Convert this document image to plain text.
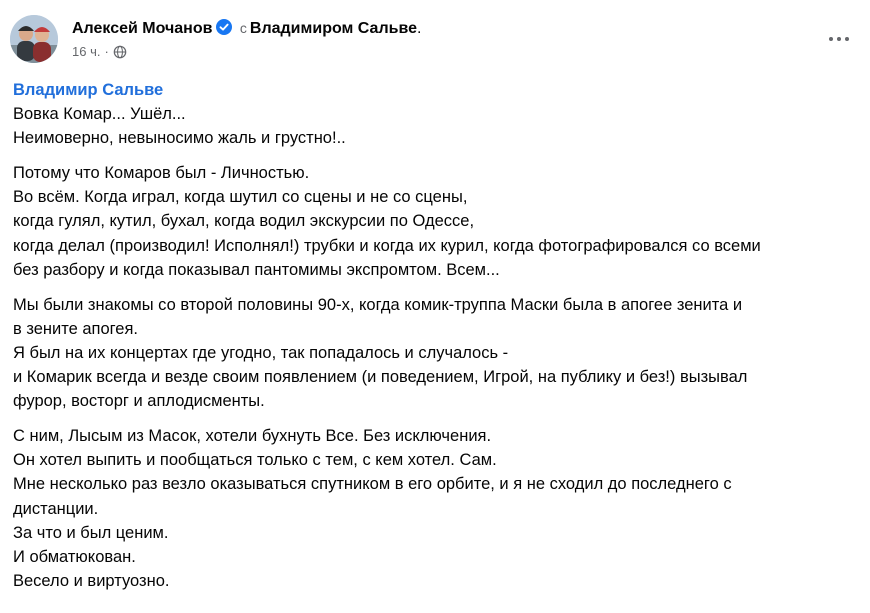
Алексей Мочанов с Владимиром Сальве.
16 ч. ·
Владимир Сальве
Вовка Комар... Ушёл...
Неимоверно, невыносимо жаль и грустно!..
Потому что Комаров был - Личностью.
Во всём. Когда играл, когда шутил со сцены и не со сцены,
когда гулял, кутил, бухал, когда водил экскурсии по Одессе,
когда делал (производил! Исполнял!) трубки и когда их курил, когда фотографировался со всеми
без разбору и когда показывал пантомимы экспромтом. Всем...
Мы были знакомы со второй половины 90-х, когда комик-труппа Маски была в апогее зенита и
в зените апогея.
Я был на их концертах где угодно, так попадалось и случалось -
и Комарик всегда и везде своим появлением (и поведением, Игрой, на публику и без!) вызывал
фурор, восторг и аплодисменты.
С ним, Лысым из Масок, хотели бухнуть Все. Без исключения.
Он хотел выпить и пообщаться только с тем, с кем хотел. Сам.
Мне несколько раз везло оказываться спутником в его орбите, и я не сходил до последнего с
дистанции.
За что и был ценим.
И обматюкован.
Весело и виртуозно.
